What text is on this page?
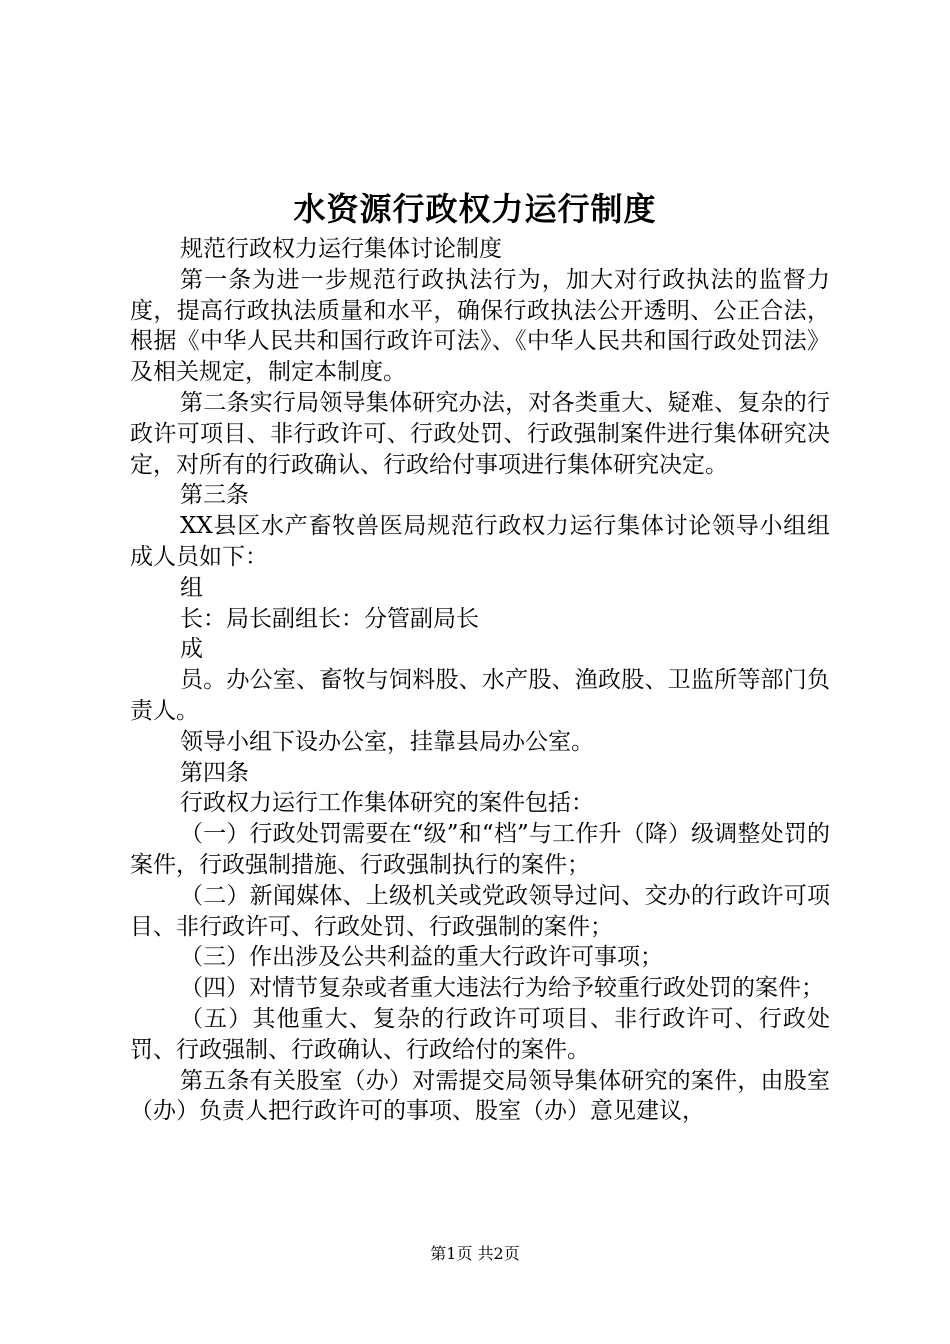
水资源行政权力运行制度

规范行政权力运行集体讨论制度

第一条为进一步规范行政执法行为，加大对行政执法的监督力度，提高行政执法质量和水平，确保行政执法公开透明、公正合法，根据《中华人民共和国行政许可法》、《中华人民共和国行政处罚法》及相关规定，制定本制度。

第二条实行局领导集体研究办法，对各类重大、疑难、复杂的行政许可项目、非行政许可、行政处罚、行政强制案件进行集体研究决定，对所有的行政确认、行政给付事项进行集体研究决定。

第三条

XX县区水产畜牧兽医局规范行政权力运行集体讨论领导小组组成人员如下：

组

长：局长副组长：分管副局长

成

员。办公室、畜牧与饲料股、水产股、渔政股、卫监所等部门负责人。

领导小组下设办公室，挂靠县局办公室。

第四条

行政权力运行工作集体研究的案件包括：

（一）行政处罚需要在“级”和“档”与工作升（降）级调整处罚的案件，行政强制措施、行政强制执行的案件；

（二）新闻媒体、上级机关或党政领导过问、交办的行政许可项目、非行政许可、行政处罚、行政强制的案件；

（三）作出涉及公共利益的重大行政许可事项；

（四）对情节复杂或者重大违法行为给予较重行政处罚的案件；

（五）其他重大、复杂的行政许可项目、非行政许可、行政处罚、行政强制、行政确认、行政给付的案件。

第五条有关股室（办）对需提交局领导集体研究的案件，由股室（办）负责人把行政许可的事项、股室（办）意见建议，

第1页 共2页
